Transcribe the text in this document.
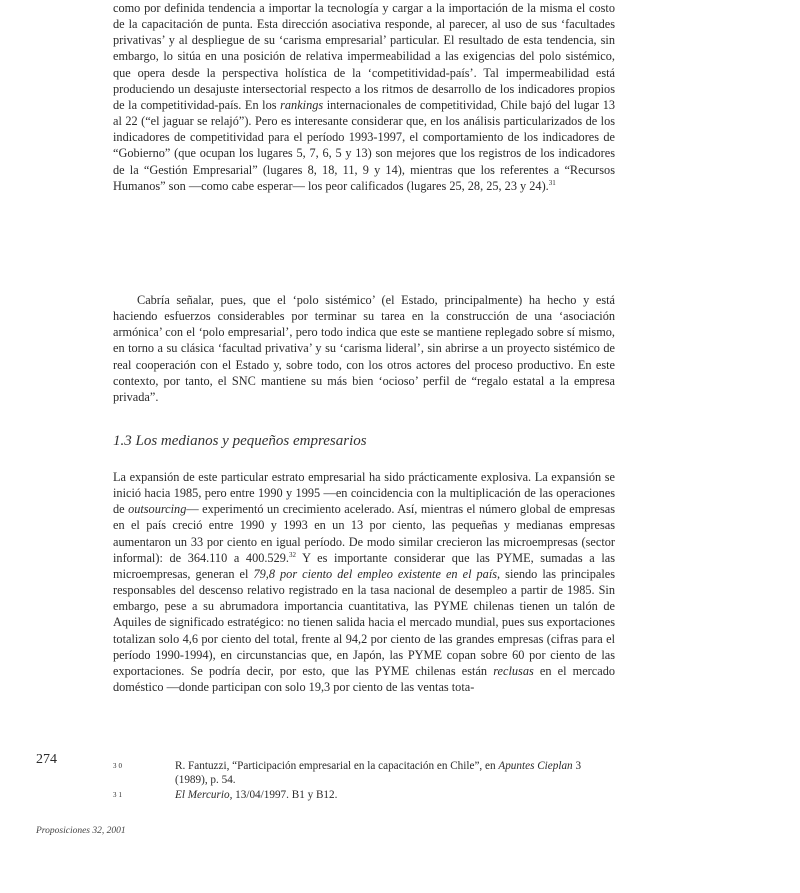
como por definida tendencia a importar la tecnología y cargar a la importación de la misma el costo de la capacitación de punta. Esta dirección asociativa responde, al parecer, al uso de sus ‘facultades privativas’ y al despliegue de su ‘carisma empresarial’ particular. El resultado de esta tendencia, sin embargo, lo sitúa en una posición de relativa impermeabilidad a las exigencias del polo sistémico, que opera desde la perspectiva holística de la ‘competitividad-país’. Tal impermeabilidad está produciendo un desajuste intersectorial respecto a los ritmos de desarrollo de los indicadores propios de la competitividad-país. En los rankings internacionales de competitividad, Chile bajó del lugar 13 al 22 (“el jaguar se relajó”). Pero es interesante considerar que, en los análisis particularizados de los indicadores de competitividad para el período 1993-1997, el comportamiento de los indicadores de “Gobierno” (que ocupan los lugares 5, 7, 6, 5 y 13) son mejores que los registros de los indicadores de la “Gestión Empresarial” (lugares 8, 18, 11, 9 y 14), mientras que los referentes a “Recursos Humanos” son —como cabe esperar— los peor calificados (lugares 25, 28, 25, 23 y 24).$^{31}$

Cabría señalar, pues, que el ‘polo sistémico’ (el Estado, principalmente) ha hecho y está haciendo esfuerzos considerables por terminar su tarea en la construcción de una ‘asociación armónica’ con el ‘polo empresarial’, pero todo indica que este se mantiene replegado sobre sí mismo, en torno a su clásica ‘facultad privativa’ y su ‘carisma lideral’, sin abrirse a un proyecto sistémico de real cooperación con el Estado y, sobre todo, con los otros actores del proceso productivo. En este contexto, por tanto, el SNC mantiene su más bien ‘ocioso’ perfil de “regalo estatal a la empresa privada”.

1.3 Los medianos y pequeños empresarios

La expansión de este particular estrato empresarial ha sido prácticamente explosiva. La expansión se inició hacia 1985, pero entre 1990 y 1995 —en coincidencia con la multiplicación de las operaciones de outsourcing— experimentó un crecimiento acelerado. Así, mientras el número global de empresas en el país creció entre 1990 y 1993 en un 13 por ciento, las pequeñas y medianas empresas aumentaron un 33 por ciento en igual período. De modo similar crecieron las microempresas (sector informal): de 364.110 a 400.529.32 Y es importante considerar que las PYME, sumadas a las microempresas, generan el 79,8 por ciento del empleo existente en el país, siendo las principales responsables del descenso relativo registrado en la tasa nacional de desempleo a partir de 1985. Sin embargo, pese a su abrumadora importancia cuantitativa, las PYME chilenas tienen un talón de Aquiles de significado estratégico: no tienen salida hacia el mercado mundial, pues sus exportaciones totalizan solo 4,6 por ciento del total, frente al 94,2 por ciento de las grandes empresas (cifras para el período 1990-1994), en circunstancias que, en Japón, las PYME copan sobre 60 por ciento de las exportaciones. Se podría decir, por esto, que las PYME chilenas están reclusas en el mercado doméstico —donde participan con solo 19,3 por ciento de las ventas tota-

274	30	R. Fantuzzi, “Participación empresarial en la capacitación en Chile”, en Apuntes Cieplan 3 (1989), p. 54.

31	El Mercurio, 13/04/1997. B1 y B12.

Proposiciones 32, 2001
